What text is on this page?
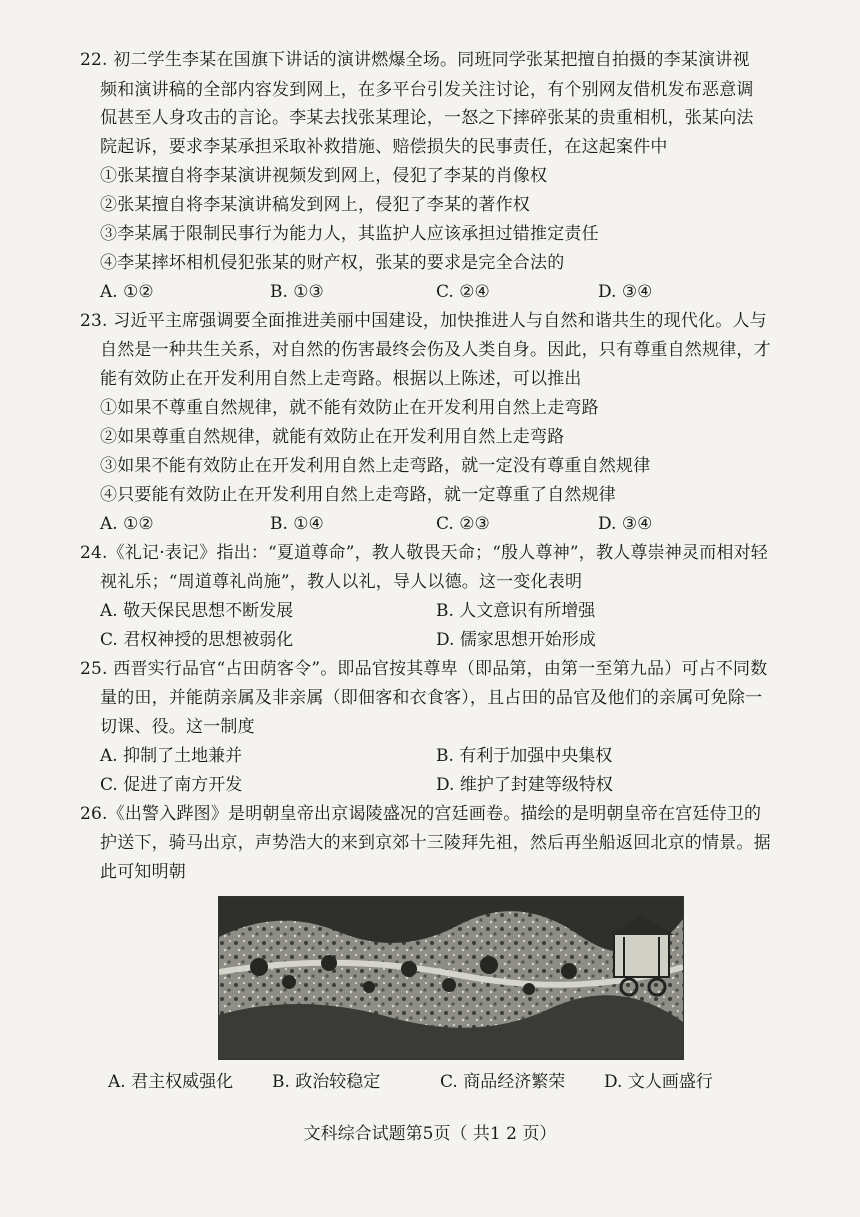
22. 初二学生李某在国旗下讲话的演讲燃爆全场。同班同学张某把擅自拍摄的李某演讲视
频和演讲稿的全部内容发到网上，在多平台引发关注讨论，有个别网友借机发布恶意调
侃甚至人身攻击的言论。李某去找张某理论，一怒之下摔碎张某的贵重相机，张某向法
院起诉，要求李某承担采取补救措施、赔偿损失的民事责任，在这起案件中
①张某擅自将李某演讲视频发到网上，侵犯了李某的肖像权
②张某擅自将李某演讲稿发到网上，侵犯了李某的著作权
③李某属于限制民事行为能力人，其监护人应该承担过错推定责任
④李某摔坏相机侵犯张某的财产权，张某的要求是完全合法的
A. ①②	B. ①③	C. ②④	D. ③④
23. 习近平主席强调要全面推进美丽中国建设，加快推进人与自然和谐共生的现代化。人与
自然是一种共生关系，对自然的伤害最终会伤及人类自身。因此，只有尊重自然规律，才
能有效防止在开发利用自然上走弯路。根据以上陈述，可以推出
①如果不尊重自然规律，就不能有效防止在开发利用自然上走弯路
②如果尊重自然规律，就能有效防止在开发利用自然上走弯路
③如果不能有效防止在开发利用自然上走弯路，就一定没有尊重自然规律
④只要能有效防止在开发利用自然上走弯路，就一定尊重了自然规律
A. ①②	B. ①④	C. ②③	D. ③④
24.《礼记·表记》指出：“夏道尊命”，教人敬畏天命；“殷人尊神”，教人尊崇神灵而相对轻
视礼乐；“周道尊礼尚施”，教人以礼，导人以德。这一变化表明
A. 敬天保民思想不断发展	B. 人文意识有所增强
C. 君权神授的思想被弱化	D. 儒家思想开始形成
25. 西晋实行品官“占田荫客令”。即品官按其尊卑（即品第，由第一至第九品）可占不同数
量的田，并能荫亲属及非亲属（即佃客和衣食客），且占田的品官及他们的亲属可免除一
切课、役。这一制度
A. 抑制了土地兼并	B. 有利于加强中央集权
C. 促进了南方开发	D. 维护了封建等级特权
26.《出警入跸图》是明朝皇帝出京谒陵盛况的宫廷画卷。描绘的是明朝皇帝在宫廷侍卫的
护送下，骑马出京，声势浩大的来到京郊十三陵拜先祖，然后再坐船返回北京的情景。据
此可知明朝
A. 君主权威强化 B. 政治较稳定	C. 商品经济繁荣 D. 文人画盛行
文科综合试题第5页（ 共1 2 页）
